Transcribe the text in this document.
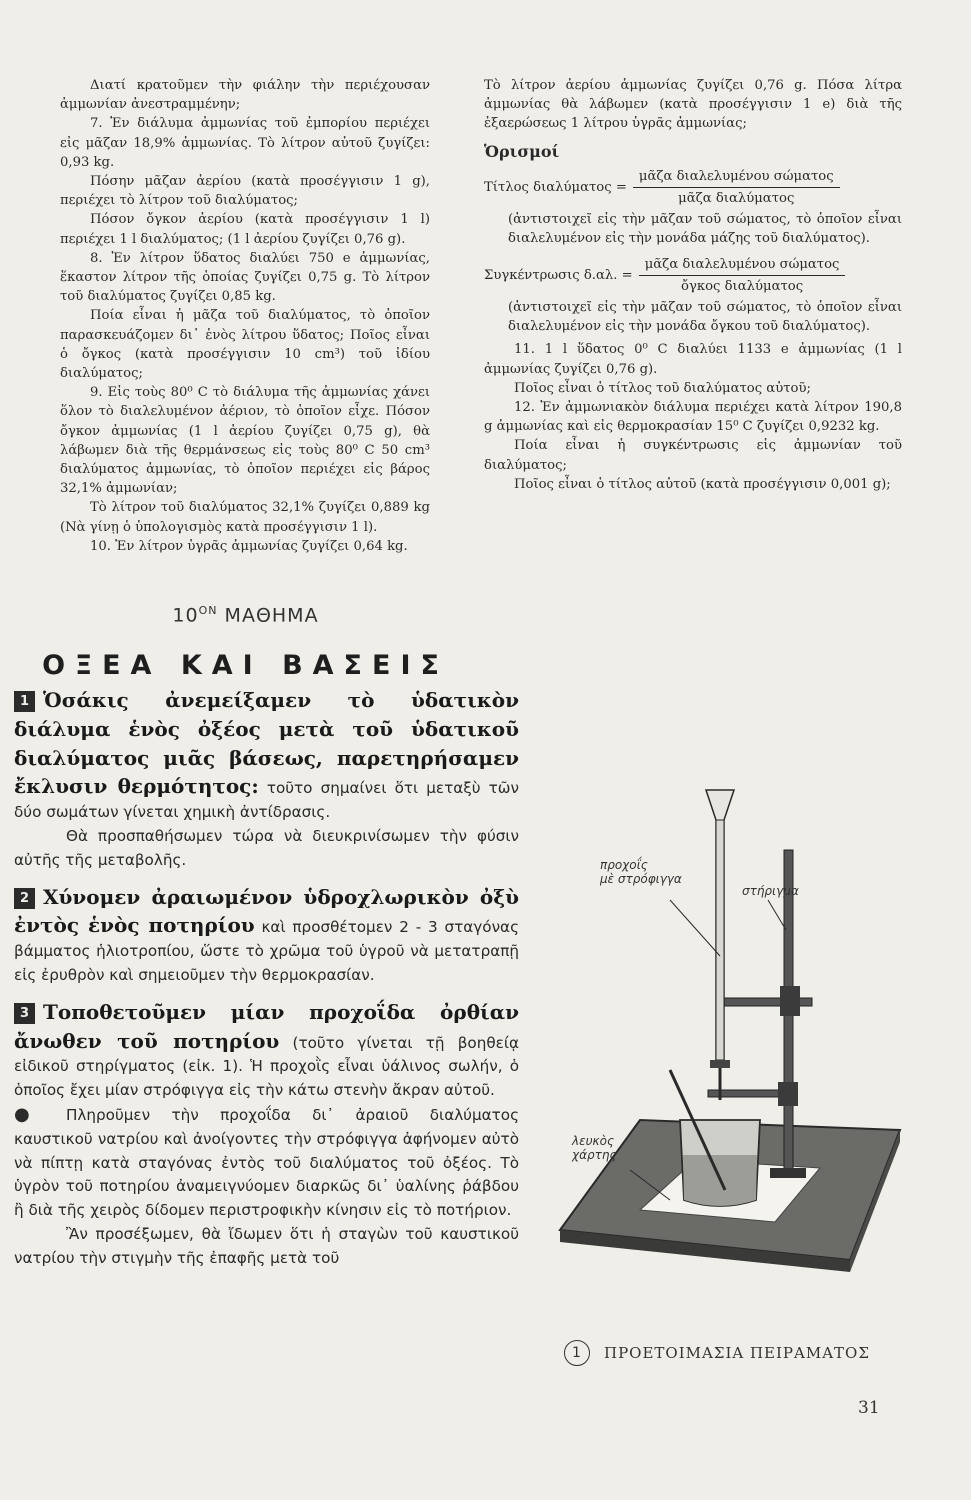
Διατί κρατοῦμεν τὴν φιάλην τὴν περιέχουσαν ἀμμωνίαν ἀνεστραμμένην;

7. Ἐν διάλυμα ἀμμωνίας τοῦ ἐμπορίου περιέχει εἰς μᾶζαν 18,9% ἀμμωνίας. Τὸ λίτρον αὐτοῦ ζυγίζει: 0,93 kg.

Πόσην μᾶζαν ἀερίου (κατὰ προσέγγισιν 1 g), περιέχει τὸ λίτρον τοῦ διαλύματος;

Πόσον ὄγκον ἀερίου (κατὰ προσέγγισιν 1 l) περιέχει 1 l διαλύματος; (1 l ἀερίου ζυγίζει 0,76 g).

8. Ἐν λίτρον ὕδατος διαλύει 750 e ἀμμωνίας, ἕκαστον λίτρον τῆς ὁποίας ζυγίζει 0,75 g. Τὸ λίτρον τοῦ διαλύματος ζυγίζει 0,85 kg.

Ποία εἶναι ἡ μᾶζα τοῦ διαλύματος, τὸ ὁποῖον παρασκευάζομεν δι᾿ ἑνὸς λίτρου ὕδατος; Ποῖος εἶναι ὁ ὄγκος (κατὰ προσέγγισιν 10 cm³) τοῦ ἰδίου διαλύματος;

9. Εἰς τοὺς 80⁰ C τὸ διάλυμα τῆς ἀμμωνίας χάνει ὅλον τὸ διαλελυμένον ἀέριον, τὸ ὁποῖον εἶχε. Πόσον ὄγκον ἀμμωνίας (1 l ἀερίου ζυγίζει 0,75 g), θὰ λάβωμεν διὰ τῆς θερμάνσεως εἰς τοὺς 80⁰ C 50 cm³ διαλύματος ἀμμωνίας, τὸ ὁποῖον περιέχει εἰς βάρος 32,1% ἀμμωνίαν;

Τὸ λίτρον τοῦ διαλύματος 32,1% ζυγίζει 0,889 kg (Νὰ γίνῃ ὁ ὑπολογισμὸς κατὰ προσέγγισιν 1 l).

10. Ἐν λίτρον ὑγρᾶς ἀμμωνίας ζυγίζει 0,64 kg.

Τὸ λίτρον ἀερίου ἀμμωνίας ζυγίζει 0,76 g. Πόσα λίτρα ἀμμωνίας θὰ λάβωμεν (κατὰ προσέγγισιν 1 e) διὰ τῆς ἐξαερώσεως 1 λίτρου ὑγρᾶς ἀμμωνίας;

Ὁρισμοί
Τίτλος $\delta\iota\alpha\lambda ύ\mu\alpha\tau o\varsigma = \frac{\text{μᾶζα διαλελυμένου σώματος}}{\text{μᾶζα διαλύματος}}$

(ἀντιστοιχεῖ εἰς τὴν μᾶζαν τοῦ σώματος, τὸ ὁποῖον εἶναι διαλελυμένον εἰς τὴν μονάδα μάζης τοῦ διαλύματος).

Συγκέντρωσις δ.αλ. = $\frac{\text{μᾶζα διαλελυμένου σώματος}}{\text{ὄγκος διαλύματος}}$

(ἀντιστοιχεῖ εἰς τὴν μᾶζαν τοῦ σώματος, τὸ ὁποῖον εἶναι διαλελυμένον εἰς τὴν μονάδα ὄγκου τοῦ διαλύματος).

11. 1 l ὕδατος 0⁰ C διαλύει 1133 e ἀμμωνίας (1 l ἀμμωνίας ζυγίζει 0,76 g).

Ποῖος εἶναι ὁ τίτλος τοῦ διαλύματος αὐτοῦ;

12. Ἐν ἀμμωνιακὸν διάλυμα περιέχει κατὰ λίτρον 190,8 g ἀμμωνίας καὶ εἰς θερμοκρασίαν 15⁰ C ζυγίζει 0,9232 kg.

Ποία εἶναι ἡ συγκέντρωσις εἰς ἀμμωνίαν τοῦ διαλύματος;

Ποῖος εἶναι ὁ τίτλος αὐτοῦ (κατὰ προσέγγισιν 0,001 g);

$10^{ON}$ ΜΑΘΗΜΑ
ΟΞΕΑ ΚΑΙ ΒΑΣΕΙΣ

1 Ὁσάκις ἀνεμείξαμεν τὸ ὑδατικὸν διάλυμα ἑνὸς ὀξέος μετὰ τοῦ ὑδατικοῦ διαλύματος μιᾶς βάσεως, παρετηρήσαμεν ἔκλυσιν θερμότητος: τοῦτο σημαίνει ὅτι μεταξὺ τῶν δύο σωμάτων γίνεται χημικὴ ἀντίδρασις.

Θὰ προσπαθήσωμεν τώρα νὰ διευκρινίσωμεν τὴν φύσιν αὐτῆς τῆς μεταβολῆς.

2 Χύνομεν ἀραιωμένον ὑδροχλωρικὸν ὀξὺ ἐντὸς ἑνὸς ποτηρίου καὶ προσθέτομεν 2 - 3 σταγόνας βάμματος ἡλιοτροπίου, ὥστε τὸ χρῶμα τοῦ ὑγροῦ νὰ μετατραπῇ εἰς ἐρυθρὸν καὶ σημειοῦμεν τὴν θερμοκρασίαν.

3 Τοποθετοῦμεν μίαν προχοΐδα ὀρθίαν ἄνωθεν τοῦ ποτηρίου (τοῦτο γίνεται τῇ βοηθείᾳ εἰδικοῦ στηρίγματος (εἰκ. 1). Ἡ προχοῒς εἶναι ὑάλινος σωλήν, ὁ ὁποῖος ἔχει μίαν στρόφιγγα εἰς τὴν κάτω στενὴν ἄκραν αὐτοῦ.

● Πληροῦμεν τὴν προχοΐδα δι᾿ ἀραιοῦ διαλύματος καυστικοῦ νατρίου καὶ ἀνοίγοντες τὴν στρόφιγγα ἀφήνομεν αὐτὸ νὰ πίπτῃ κατὰ σταγόνας ἐντὸς τοῦ διαλύματος τοῦ ὀξέος. Τὸ ὑγρὸν τοῦ ποτηρίου ἀναμειγνύομεν διαρκῶς δι᾿ ὑαλίνης ῥάβδου ἢ διὰ τῆς χειρὸς δίδομεν περιστροφικὴν κίνησιν εἰς τὸ ποτήριον.

Ἂν προσέξωμεν, θὰ ἴδωμεν ὅτι ἡ σταγὼν τοῦ καυστικοῦ νατρίου τὴν στιγμὴν τῆς ἐπαφῆς μετὰ τοῦ

προχοΐς
μὲ στρόφιγγα
στήριγμα
λευκὸς
χάρτης
1	ΠΡΟΕΤΟΙΜΑΣΙΑ ΠΕΙΡΑΜΑΤΟΣ
31
